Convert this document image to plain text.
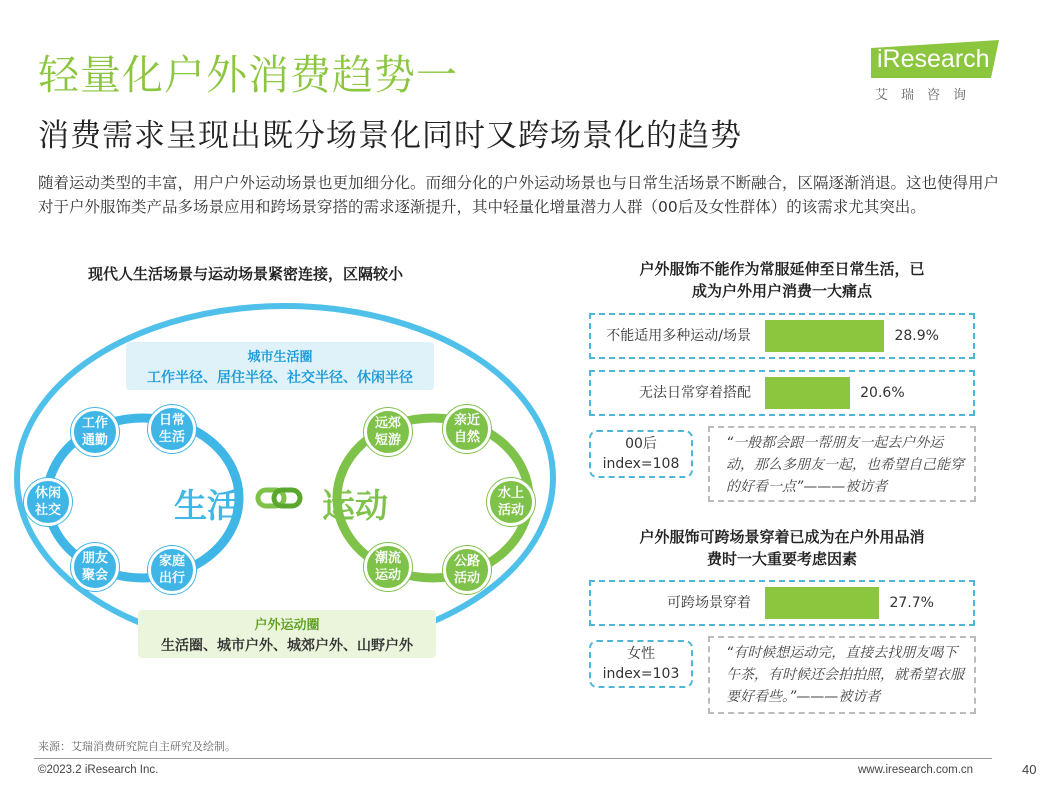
轻量化户外消费趋势一
消费需求呈现出既分场景化同时又跨场景化的趋势
iResearch
艾瑞咨询
随着运动类型的丰富，用户户外运动场景也更加细分化。而细分化的户外运动场景也与日常生活场景不断融合，区隔逐渐消退。这也使得用户对于户外服饰类产品多场景应用和跨场景穿搭的需求逐渐提升，其中轻量化增量潜力人群（00后及女性群体）的该需求尤其突出。
现代人生活场景与运动场景紧密连接，区隔较小
城市生活圈
工作半径、居住半径、社交半径、休闲半径
户外运动圈
生活圈、城市户外、城郊户外、山野户外
工作通勤
日常生活
休闲社交
朋友聚会
家庭出行
远郊短游
亲近自然
水上活动
潮流运动
公路活动
生活 运动
户外服饰不能作为常服延伸至日常生活，已
成为户外用户消费一大痛点
不能适用多种运动/场景	28.9%
无法日常穿着搭配	20.6%
00后
index=108
“一般都会跟一帮朋友一起去户外运动，那么多朋友一起，也希望自己能穿的好看一点”———被访者
户外服饰可跨场景穿着已成为在户外用品消
费时一大重要考虑因素
可跨场景穿着	27.7%
女性
index=103
“有时候想运动完，直接去找朋友喝下午茶，有时候还会拍拍照，就希望衣服要好看些。”———被访者
来源：艾瑞消费研究院自主研究及绘制。
©2023.2 iResearch Inc.	www.iresearch.com.cn	40
